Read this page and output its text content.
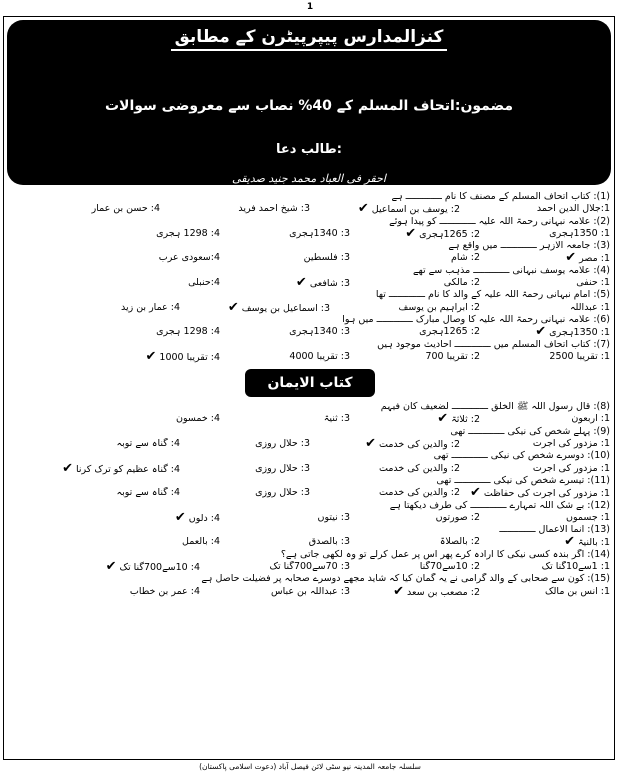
1
کنزالمدارس پیپرپیٹرن کے مطابق
مضمون:اتحاف المسلم کے 40% نصاب سے معروضی سوالات
طالب دعا:
احقر فی العباد محمد جنید صدیقی
(1): کتاب اتحاف المسلم کے مصنف کا نام ـــــــــــــ ہے
1:جلال الدین احمد
2: یوسف بن اسماعیل✔
3: شیخ احمد فرید
4: حسن بن عمار
(2): علامہ نبہانی رحمۃ اللہ علیہ ـــــــــــــ کو پیدا ہوئے
1: 1350ہجری
2: 1265ہجری✔
3: 1340ہجری
4: 1298 ہجری
(3): جامعہ الازہر ـــــــــــــ میں واقع ہے
1: مصر✔
2: شام
3: فلسطین
4:سعودی عرب
(4): علامہ یوسف نبہانی ـــــــــــــ مذہب سے تھے
1: حنفی
2: مالکی
3: شافعی✔
4:حنبلی
(5): امام نبہانی رحمۃ اللہ علیہ کے والد کا نام ـــــــــــــ تھا
1: عبداللہ
2: ابراہیم بن یوسف
3: اسماعیل بن یوسف✔
4: عمار بن زید
(6): علامہ نبہانی رحمۃ اللہ علیہ کا وصال مبارک ـــــــــــــ میں ہوا
1: 1350ہجری✔
2: 1265ہجری
3: 1340ہجری
4: 1298 ہجری
(7): کتاب اتحاف المسلم میں ـــــــــــــ احادیث موجود ہیں
1: تقریبا 2500
2: تقریبا 700
3: تقریبا 4000
4: تقریبا 1000✔
کتاب الایمان
(8): قال رسول اللہ ﷺ الخلق ـــــــــــــ لضعیف کان فیہم
1: اربعون
2: ثلاثۃ✔
3: ثنیۃ
4: خمسون
(9): پہلے شخص کی نیکی ـــــــــــــ تھی
1: مزدور کی اجرت
2: والدین کی خدمت✔
3: حلال روزی
4: گناہ سے توبہ
(10): دوسرے شخص کی نیکی ـــــــــــــ تھی
1: مزدور کی اجرت
2: والدین کی خدمت
3: حلال روزی
4: گناہ عظیم کو ترک کرنا✔
(11): تیسرے شخص کی نیکی ـــــــــــــ تھی
1: مزدور کی اجرت کی حفاظت✔
2: والدین کی خدمت
3: حلال روزی
4: گناہ سے توبہ
(12): بے شک اللہ تمہارے ـــــــــــــ کی طرف دیکھتا ہے
1: جسموں
2: صورتوں
3: نیتوں
4: دلوں✔
(13): انما الاعمال ـــــــــــــ
1: بالنیۃ✔
2: بالصلاۃ
3: بالصدق
4: بالعمل
(14): اگر بندہ کسی نیکی کا ارادہ کرے پھر اس پر عمل کرلے تو وہ لکھی جاتی ہے؟
1: 1سے10گنا تک
2: 10سے70گنا
3: 70سے700گنا تک
4: 10سے700گنا تک✔
(15): کون سے صحابی کے والد گرامی نے یہ گمان کیا کہ شاید مجھے دوسرے صحابہ پر فضیلت حاصل ہے
1: انس بن مالک
2: مصعب بن سعد✔
3: عبداللہ بن عباس
4: عمر بن خطاب
سلسلہ جامعہ المدینہ نیو سٹی لائن فیصل آباد (دعوت اسلامی پاکستان)
